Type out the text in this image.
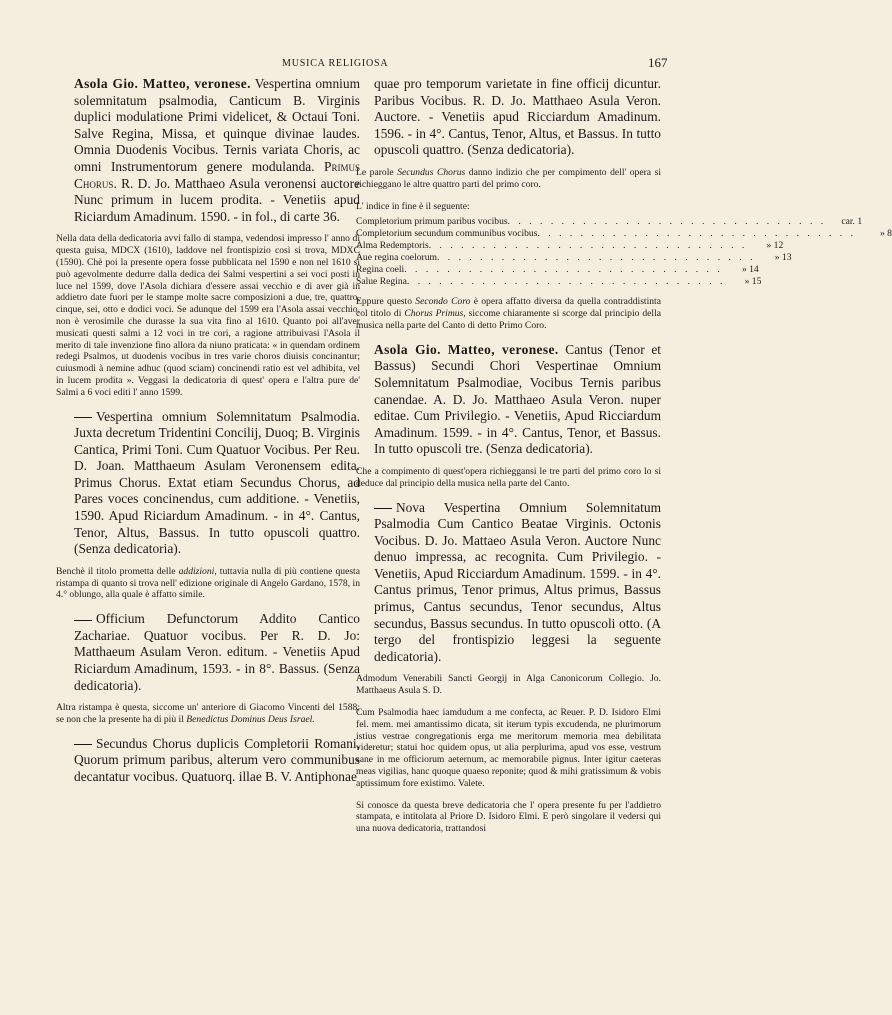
MUSICA RELIGIOSA	167

Asola Gio. Matteo, veronese. Vespertina omnium solemnitatum psalmodia, Canticum B. Virginis duplici modulatione Primi videlicet, & Octaui Toni. Salve Regina, Missa, et quinque divinae laudes. Omnia Duodenis Vocibus. Ternis variata Choris, ac omni Instrumentorum genere modulanda. Primus Chorus. R. D. Jo. Matthaeo Asula veronensi auctore Nunc primum in lucem prodita. - Venetiis apud Riciardum Amadinum. 1590. - in fol., di carte 36.

Nella data della dedicatoria avvi fallo di stampa, vedendosi impresso l' anno di questa guisa, MDCX (1610), laddove nel frontispizio così si trova, MDXC (1590). Chè poi la presente opera fosse pubblicata nel 1590 e non nel 1610 si può agevolmente dedurre dalla dedica dei Salmi vespertini a sei voci posti in luce nel 1599, dove l'Asola dichiara d'essere assai vecchio e di aver già in addietro date fuori per le stampe molte sacre composizioni a due, tre, quattro, cinque, sei, otto e dodici voci. Se adunque del 1599 era l'Asola assai vecchio, non è verosimile che durasse la sua vita fino al 1610. Quanto poi all'aver musicati questi salmi a 12 voci in tre cori, a ragione attribuivasi l'Asola il merito di tale invenzione fino allora da niuno praticata: « in quendam ordinem redegi Psalmos, ut duodenis vocibus in tres varie choros diuisis concinantur; cuiusmodi à nemine adhuc (quod sciam) concinendi ratio est vel adhibita, vel in lucem prodita ». Veggasi la dedicatoria di quest' opera e l'altra pure de' Salmi a 6 voci editi l' anno 1599.

Vespertina omnium Solemnitatum Psalmodia. Juxta decretum Tridentini Concilij, Duoq; B. Virginis Cantica, Primi Toni. Cum Quatuor Vocibus. Per Reu. D. Joan. Matthaeum Asulam Veronensem edita. Primus Chorus. Extat etiam Secundus Chorus, ad Pares voces concinendus, cum additione. - Venetiis, 1590. Apud Riciardum Amadinum. - in 4°. Cantus, Tenor, Altus, Bassus. In tutto opuscoli quattro. (Senza dedicatoria).

Benchè il titolo prometta delle addizioni, tuttavia nulla di più contiene questa ristampa di quanto si trova nell' edizione originale di Angelo Gardano, 1578, in 4.° oblungo, alla quale è affatto simile.

Officium Defunctorum Addito Cantico Zachariae. Quatuor vocibus. Per R. D. Jo: Matthaeum Asulam Veron. editum. - Venetiis Apud Riciardum Amadinum, 1593. - in 8°. Bassus. (Senza dedicatoria).

Altra ristampa è questa, siccome un' anteriore di Giacomo Vincenti del 1588; se non che la presente ha di più il Benedictus Dominus Deus Israel.

Secundus Chorus duplicis Completorii Romani, Quorum primum paribus, alterum vero communibus decantatur vocibus. Quatuorq. illae B. V. Antiphonae

quae pro temporum varietate in fine officij dicuntur. Paribus Vocibus. R. D. Jo. Matthaeo Asula Veron. Auctore. - Venetiis apud Ricciardum Amadinum. 1596. - in 4°. Cantus, Tenor, Altus, et Bassus. In tutto opuscoli quattro. (Senza dedicatoria).

Le parole Secundus Chorus danno indizio che per compimento dell' opera si richieggano le altre quattro parti del primo coro.

L' indice in fine è il seguente:

Completorium primum paribus vocibus . . . . . . . . . . . . . . . . . . . . . . . . . . . . . .	car. 1
Completorium secundum communibus vocibus . . . . . . . . . . . . . . . . . . . . . . . . . . . . . .	» 8
Alma Redemptoris . . . . . . . . . . . . . . . . . . . . . . . . . . . . . .	» 12
Aue regina coelorum . . . . . . . . . . . . . . . . . . . . . . . . . . . . . .	» 13
Regina coeli . . . . . . . . . . . . . . . . . . . . . . . . . . . . . .	» 14
Salue Regina . . . . . . . . . . . . . . . . . . . . . . . . . . . . . .	» 15

Eppure questo Secondo Coro è opera affatto diversa da quella contraddistinta col titolo di Chorus Primus, siccome chiaramente si scorge dal principio della musica nella parte del Canto di detto Primo Coro.

Asola Gio. Matteo, veronese. Cantus (Tenor et Bassus) Secundi Chori Vespertinae Omnium Solemnitatum Psalmodiae, Vocibus Ternis paribus canendae. A. D. Jo. Matthaeo Asula Veron. nuper editae. Cum Privilegio. - Venetiis, Apud Ricciardum Amadinum. 1599. - in 4°. Cantus, Tenor, et Bassus. In tutto opuscoli tre. (Senza dedicatoria).

Che a compimento di quest'opera richieggansi le tre parti del primo coro lo si deduce dal principio della musica nella parte del Canto.

Nova Vespertina Omnium Solemnitatum Psalmodia Cum Cantico Beatae Virginis. Octonis Vocibus. D. Jo. Mattaeo Asula Veron. Auctore Nunc denuo impressa, ac recognita. Cum Privilegio. - Venetiis, Apud Ricciardum Amadinum. 1599. - in 4°. Cantus primus, Tenor primus, Altus primus, Bassus primus, Cantus secundus, Tenor secundus, Altus secundus, Bassus secundus. In tutto opuscoli otto. (A tergo del frontispizio leggesi la seguente dedicatoria).

Admodum Venerabili Sancti Georgij in Alga Canonicorum Collegio. Jo. Matthaeus Asula S. D.

Cum Psalmodia haec iamdudum a me confecta, ac Reuer. P. D. Isidoro Elmi fel. mem. mei amantissimo dicata, sit iterum typis excudenda, ne plurimorum istius vestrae congregationis erga me meritorum memoria mea debilitata videretur; statui hoc quidem opus, ut alia perplurima, apud vos esse, vestrum sane in me officiorum aeternum, ac memorabile pignus. Inter igitur caeteras meas vigilias, hanc quoque quaeso reponite; quod & mihi gratissimum & vobis aptissimum fore existimo. Valete.

Si conosce da questa breve dedicatoria che l' opera presente fu per l'addietro stampata, e intitolata al Priore D. Isidoro Elmi. E però singolare il vedersi qui una nuova dedicatoria, trattandosi
